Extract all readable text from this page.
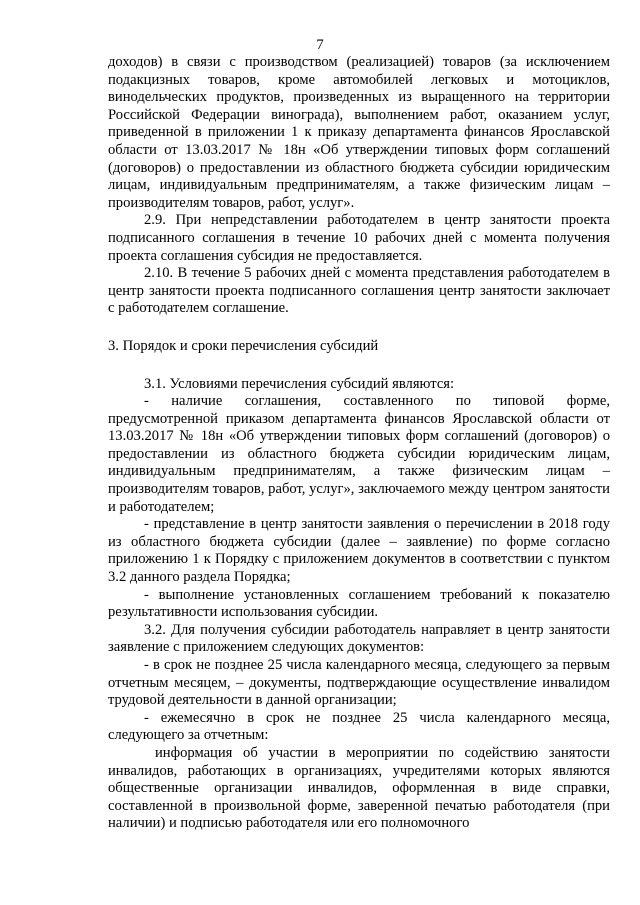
7

доходов) в связи с производством (реализацией) товаров (за исключением подакцизных товаров, кроме автомобилей легковых и мотоциклов, винодельческих продуктов, произведенных из выращенного на территории Российской Федерации винограда), выполнением работ, оказанием услуг, приведенной в приложении 1 к приказу департамента финансов Ярославской области от 13.03.2017 № 18н «Об утверждении типовых форм соглашений (договоров) о предоставлении из областного бюджета субсидии юридическим лицам, индивидуальным предпринимателям, а также физическим лицам – производителям товаров, работ, услуг».

2.9. При непредставлении работодателем в центр занятости проекта подписанного соглашения в течение 10 рабочих дней с момента получения проекта соглашения субсидия не предоставляется.

2.10. В течение 5 рабочих дней с момента представления работодателем в центр занятости проекта подписанного соглашения центр занятости заключает с работодателем соглашение.

3. Порядок и сроки перечисления субсидий

3.1. Условиями перечисления субсидий являются:

- наличие соглашения, составленного по типовой форме, предусмотренной приказом департамента финансов Ярославской области от 13.03.2017 № 18н «Об утверждении типовых форм соглашений (договоров) о предоставлении из областного бюджета субсидии юридическим лицам, индивидуальным предпринимателям, а также физическим лицам – производителям товаров, работ, услуг», заключаемого между центром занятости и работодателем;

- представление в центр занятости заявления о перечислении в 2018 году из областного бюджета субсидии (далее – заявление) по форме согласно приложению 1 к Порядку с приложением документов в соответствии с пунктом 3.2 данного раздела Порядка;

- выполнение установленных соглашением требований к показателю результативности использования субсидии.

3.2. Для получения субсидии работодатель направляет в центр занятости заявление с приложением следующих документов:

- в срок не позднее 25 числа календарного месяца, следующего за первым отчетным месяцем, – документы, подтверждающие осуществление инвалидом трудовой деятельности в данной организации;

- ежемесячно в срок не позднее 25 числа календарного месяца, следующего за отчетным:

информация об участии в мероприятии по содействию занятости инвалидов, работающих в организациях, учредителями которых являются общественные организации инвалидов, оформленная в виде справки, составленной в произвольной форме, заверенной печатью работодателя (при наличии) и подписью работодателя или его полномочного
